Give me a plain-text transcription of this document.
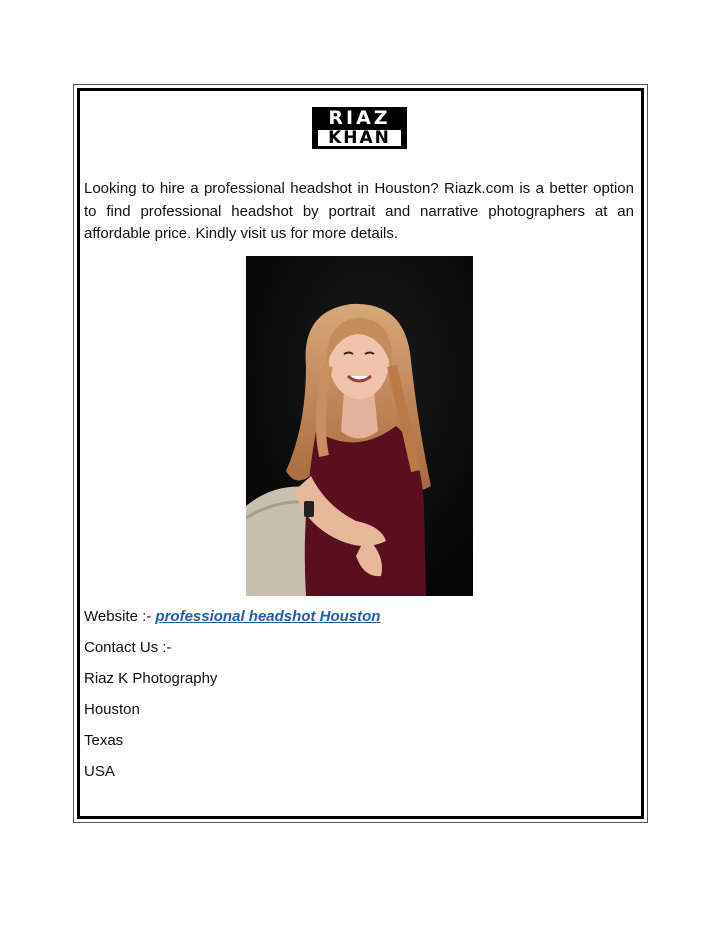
RIAZ
KHAN

Looking to hire a professional headshot in Houston? Riazk.com is a better option to find professional headshot by portrait and narrative photographers at an affordable price. Kindly visit us for more details.

Website :- professional headshot Houston

Contact Us :-

Riaz K Photography

Houston

Texas

USA
